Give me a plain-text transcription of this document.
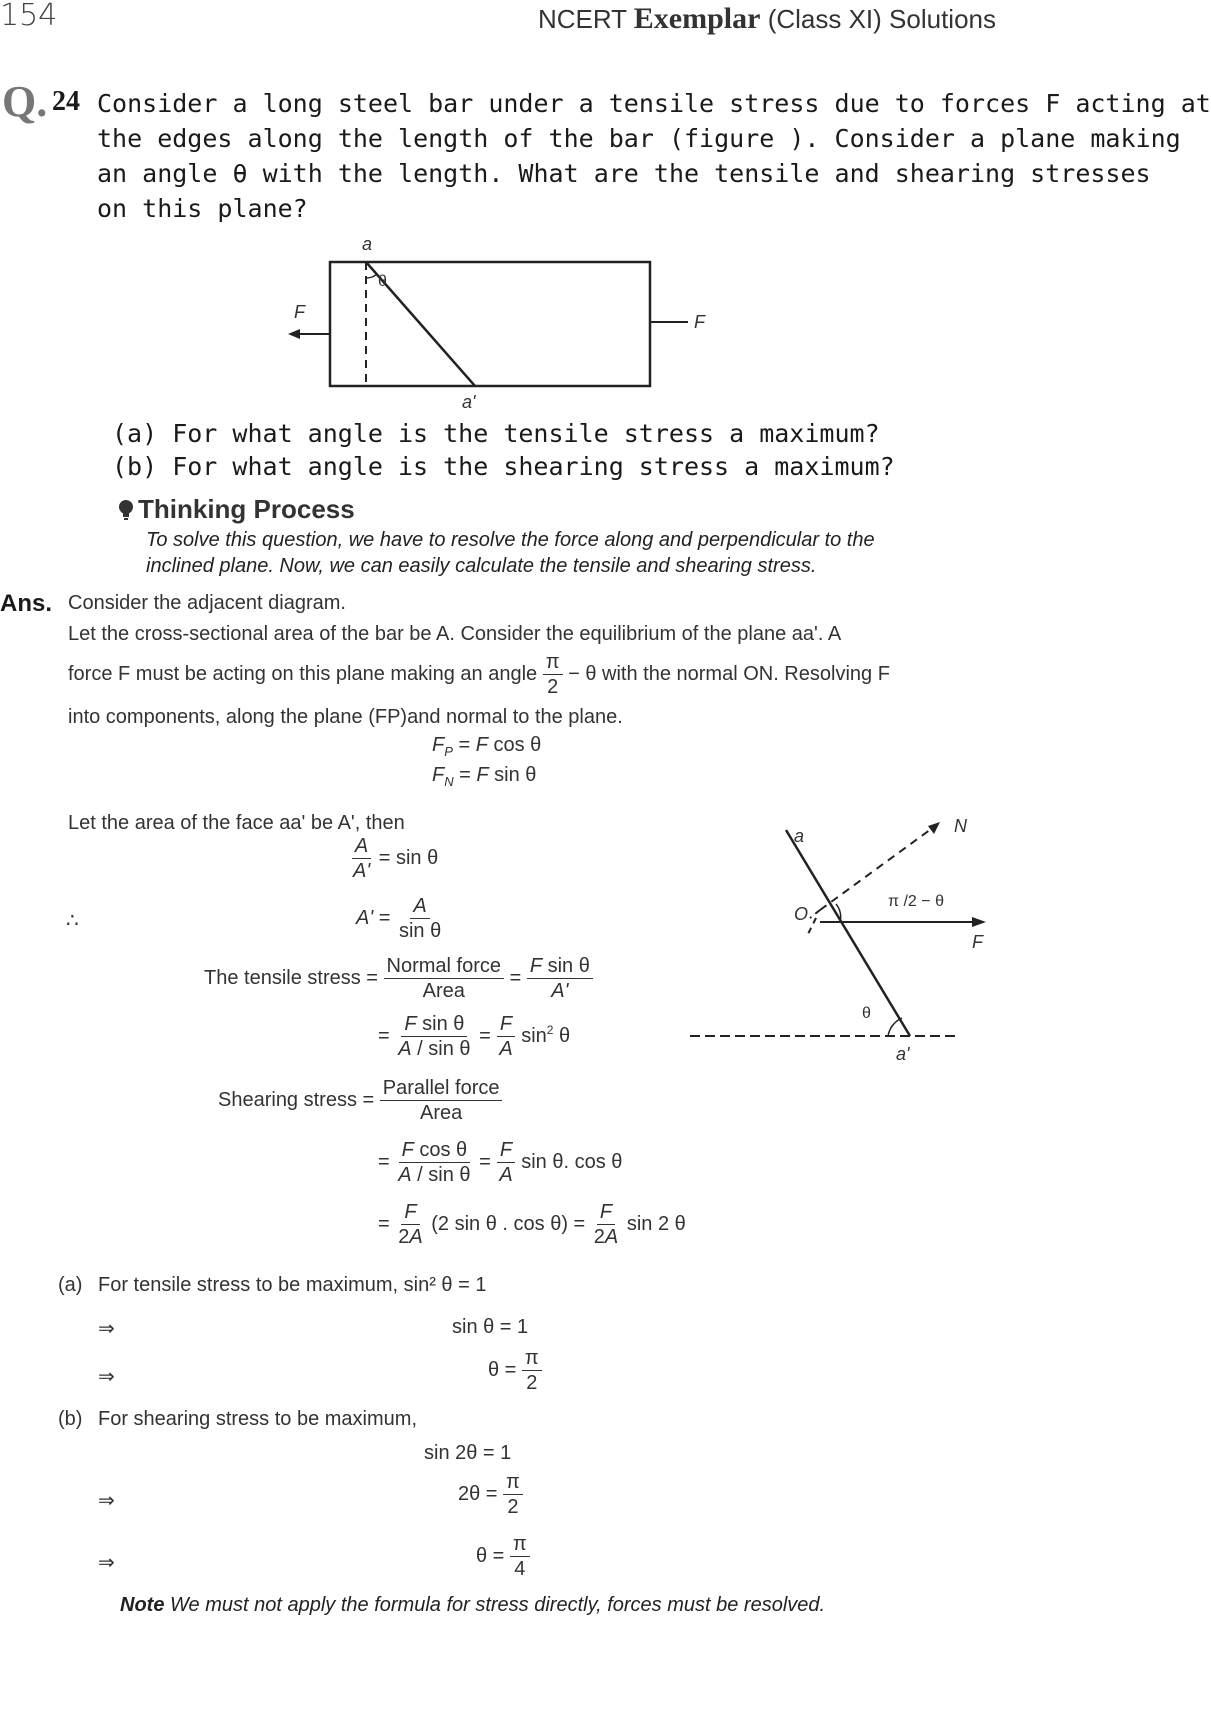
154	NCERT Exemplar (Class XI) Solutions
Q. 24 Consider a long steel bar under a tensile stress due to forces F acting at
the edges along the length of the bar (figure ). Consider a plane making
an angle θ with the length. What are the tensile and shearing stresses
on this plane?
a
θ
F	F
a'
(a) For what angle is the tensile stress a maximum?
(b) For what angle is the shearing stress a maximum?
Thinking Process
To solve this question, we have to resolve the force along and perpendicular to the
inclined plane. Now, we can easily calculate the tensile and shearing stress.
Ans. Consider the adjacent diagram.
Let the cross-sectional area of the bar be A. Consider the equilibrium of the plane aa'. A
force F must be acting on this plane making an angle $\frac{\pi}{2} - \theta$ with the normal ON. Resolving F
into components, along the plane (FP)and normal to the plane.
$F_P = F$ cos θ
$F_N = F$ sin θ
Let the area of the face aa' be A', then
$\frac{A}{A'} = \sin \theta$
∴	$A' = \frac{A}{\text{sin θ}}$
The tensile stress = $\frac{\text{Normal force}}{\text{Area}} = \frac{\text{F sin θ}}{A'}$
= $\frac{\text{F sin θ}}{\text{A / sin θ}} = \frac{F}{A} \sin^2 \theta$
Shearing stress = $\frac{\text{Parallel force}}{\text{Area}}$
= $\frac{\text{F cos θ}}{\text{A / sin θ}} = \frac{F}{A}$ sin θ. cos θ
= $\frac{F}{2A} (2$ sin θ . $\cos \theta) = \frac{F}{2A}$ sin 2 θ
a	N
O
π /2 − θ
F
θ
a'
(a) For tensile stress to be maximum, sin² θ = 1
⇒	sin θ = 1
⇒	$\theta = \frac{\pi}{2}$
(b) For shearing stress to be maximum,
sin 2θ = 1
⇒	$2\theta = \frac{\pi}{2}$
⇒	$\theta = \frac{\pi}{4}$
Note We must not apply the formula for stress directly, forces must be resolved.
